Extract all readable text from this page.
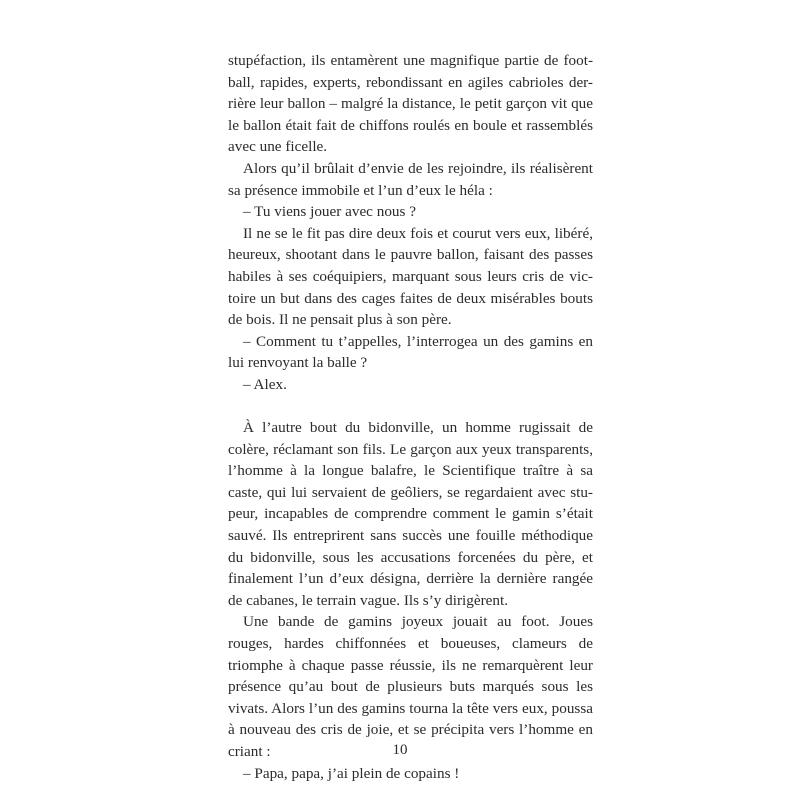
stupéfaction, ils entamèrent une magnifique partie de foot-
ball, rapides, experts, rebondissant en agiles cabrioles der-
rière leur ballon – malgré la distance, le petit garçon vit que
le ballon était fait de chiffons roulés en boule et rassemblés
avec une ficelle.
Alors qu’il brûlait d’envie de les rejoindre, ils réalisèrent
sa présence immobile et l’un d’eux le héla :
– Tu viens jouer avec nous ?
Il ne se le fit pas dire deux fois et courut vers eux, libéré,
heureux, shootant dans le pauvre ballon, faisant des passes
habiles à ses coéquipiers, marquant sous leurs cris de vic-
toire un but dans des cages faites de deux misérables bouts
de bois. Il ne pensait plus à son père.
– Comment tu t’appelles, l’interrogea un des gamins en
lui renvoyant la balle ?
– Alex.
À l’autre bout du bidonville, un homme rugissait de
colère, réclamant son fils. Le garçon aux yeux transparents,
l’homme à la longue balafre, le Scientifique traître à sa
caste, qui lui servaient de geôliers, se regardaient avec stu-
peur, incapables de comprendre comment le gamin s’était
sauvé. Ils entreprirent sans succès une fouille méthodique
du bidonville, sous les accusations forcenées du père, et
finalement l’un d’eux désigna, derrière la dernière rangée
de cabanes, le terrain vague. Ils s’y dirigèrent.
Une bande de gamins joyeux jouait au foot. Joues
rouges, hardes chiffonnées et boueuses, clameurs de
triomphe à chaque passe réussie, ils ne remarquèrent leur
présence qu’au bout de plusieurs buts marqués sous les
vivats. Alors l’un des gamins tourna la tête vers eux, poussa
à nouveau des cris de joie, et se précipita vers l’homme en
criant :
– Papa, papa, j’ai plein de copains !
10
